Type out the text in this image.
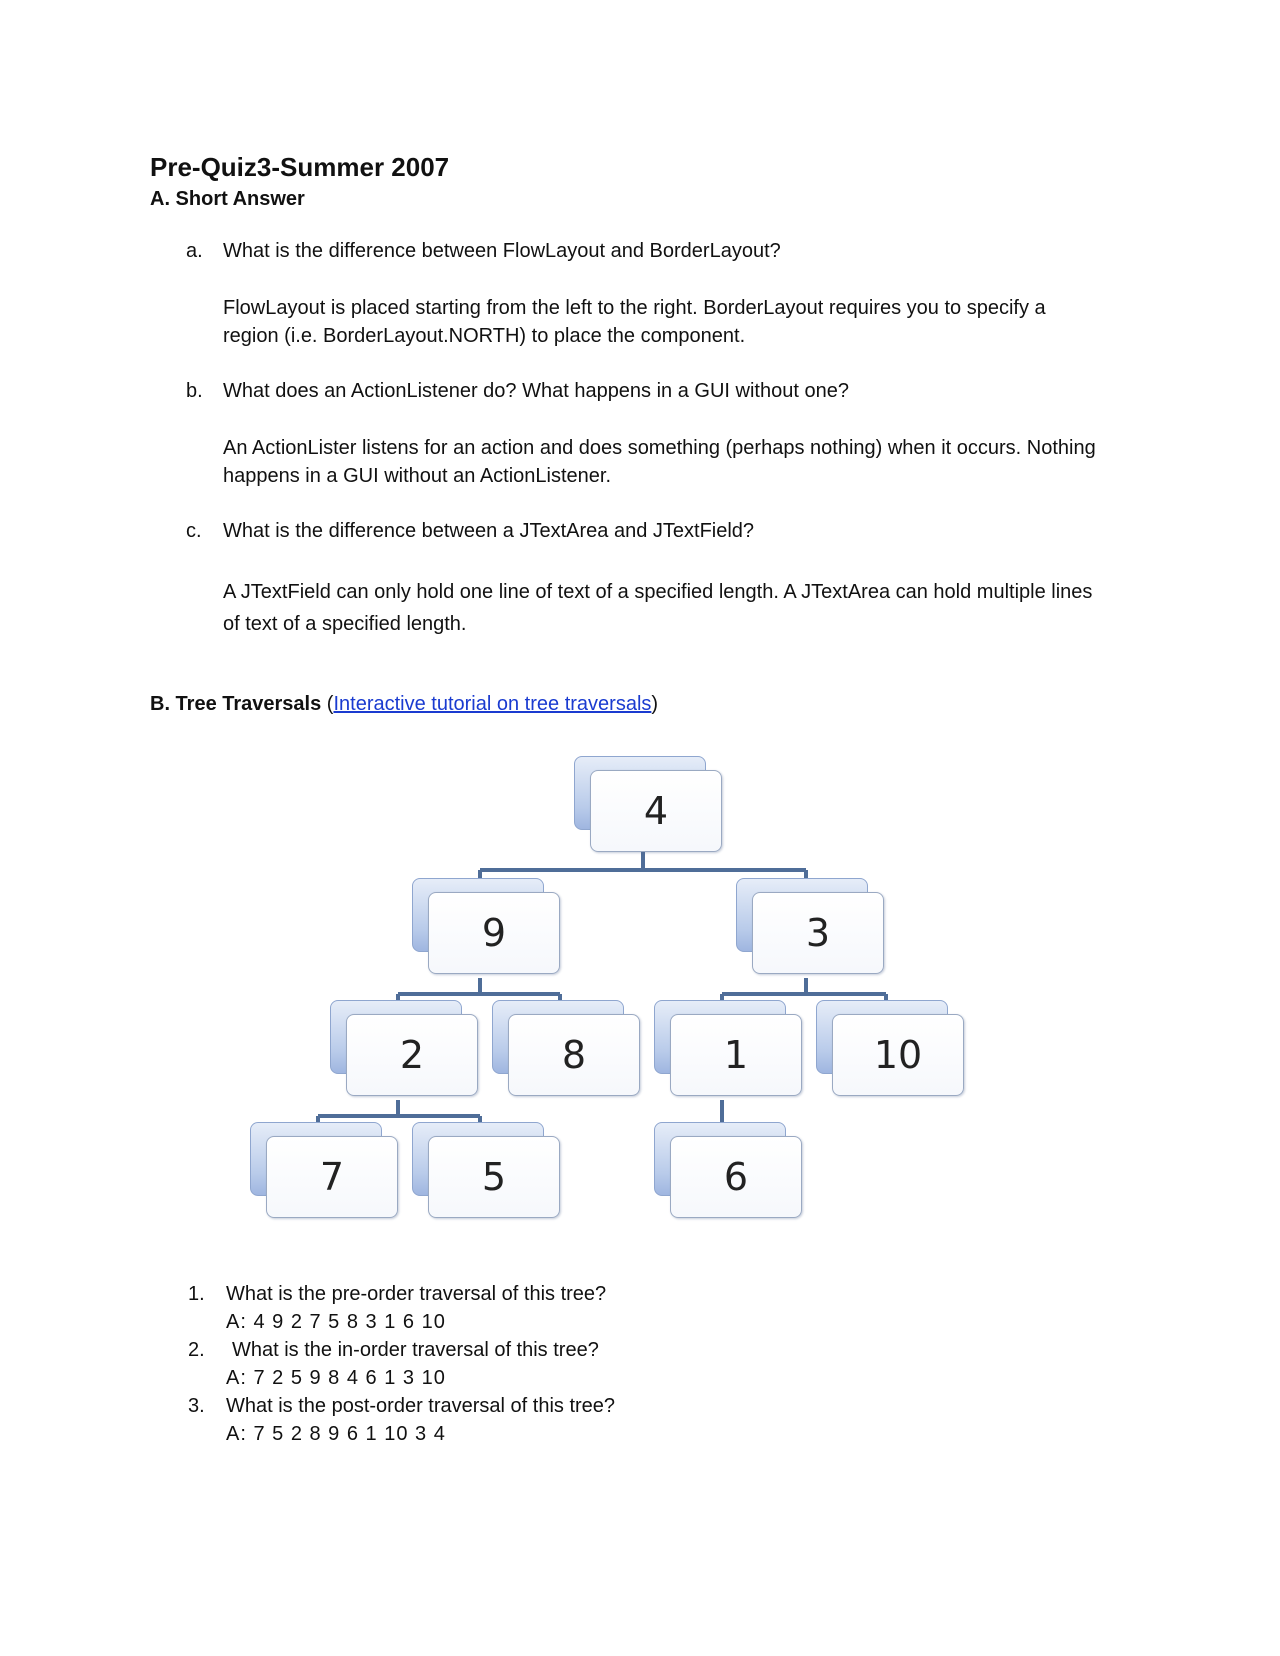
Pre-Quiz3-Summer 2007
A. Short Answer
a. What is the difference between FlowLayout and BorderLayout?
FlowLayout is placed starting from the left to the right. BorderLayout requires you to specify a region (i.e. BorderLayout.NORTH) to place the component.
b. What does an ActionListener do? What happens in a GUI without one?
An ActionLister listens for an action and does something (perhaps nothing) when it occurs. Nothing happens in a GUI without an ActionListener.
c. What is the difference between a JTextArea and JTextField?
A JTextField can only hold one line of text of a specified length. A JTextArea can hold multiple lines of text of a specified length.
B. Tree Traversals (Interactive tutorial on tree traversals)
4
9	3
2	8	1	10
7	5	6
1. What is the pre-order traversal of this tree?
A: 4 9 2 7 5 8 3 1 6 10
2. What is the in-order traversal of this tree?
A: 7 2 5 9 8 4 6 1 3 10
3. What is the post-order traversal of this tree?
A: 7 5 2 8 9 6 1 10 3 4
